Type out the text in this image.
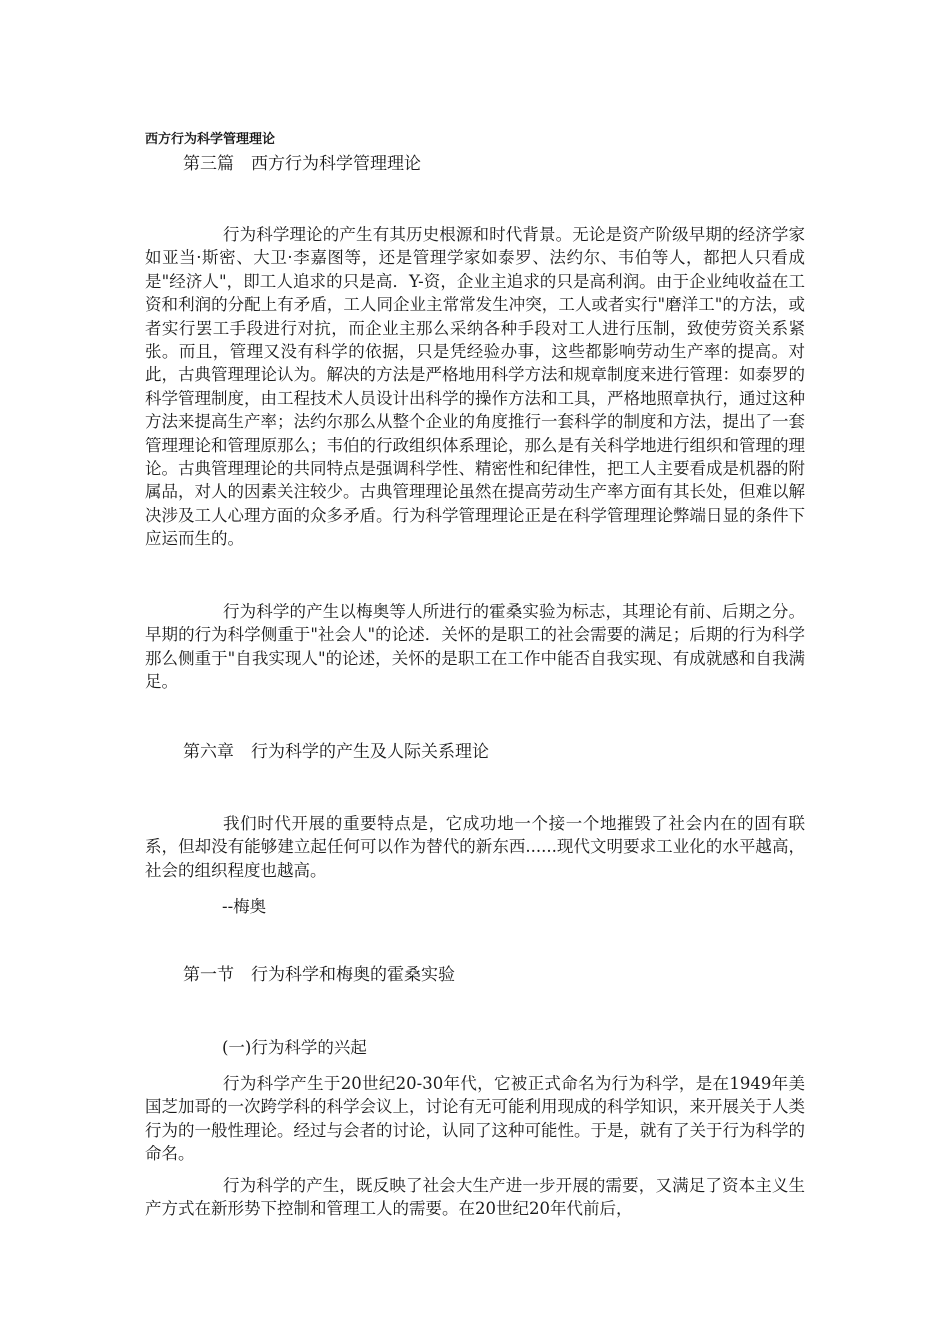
西方行为科学管理理论
第三篇　西方行为科学管理理论

行为科学理论的产生有其历史根源和时代背景。无论是资产阶级早期的经济学家如亚当·斯密、大卫·李嘉图等，还是管理学家如泰罗、法约尔、韦伯等人，都把人只看成是"经济人"，即工人追求的只是高．Y-资，企业主追求的只是高利润。由于企业纯收益在工资和利润的分配上有矛盾，工人同企业主常常发生冲突，工人或者实行"磨洋工"的方法，或者实行罢工手段进行对抗，而企业主那么采纳各种手段对工人进行压制，致使劳资关系紧张。而且，管理又没有科学的依据，只是凭经验办事，这些都影响劳动生产率的提高。对此，古典管理理论认为。解决的方法是严格地用科学方法和规章制度来进行管理：如泰罗的科学管理制度，由工程技术人员设计出科学的操作方法和工具，严格地照章执行，通过这种方法来提高生产率；法约尔那么从整个企业的角度推行一套科学的制度和方法，提出了一套管理理论和管理原那么；韦伯的行政组织体系理论，那么是有关科学地进行组织和管理的理论。古典管理理论的共同特点是强调科学性、精密性和纪律性，把工人主要看成是机器的附属品，对人的因素关注较少。古典管理理论虽然在提高劳动生产率方面有其长处，但难以解决涉及工人心理方面的众多矛盾。行为科学管理理论正是在科学管理理论弊端日显的条件下应运而生的。

行为科学的产生以梅奥等人所进行的霍桑实验为标志，其理论有前、后期之分。早期的行为科学侧重于"社会人"的论述．关怀的是职工的社会需要的满足；后期的行为科学那么侧重于"自我实现人"的论述，关怀的是职工在工作中能否自我实现、有成就感和自我满足。

第六章　行为科学的产生及人际关系理论

我们时代开展的重要特点是，它成功地一个接一个地摧毁了社会内在的固有联系，但却没有能够建立起任何可以作为替代的新东西......现代文明要求工业化的水平越高，社会的组织程度也越高。

--梅奥
第一节　行为科学和梅奥的霍桑实验
(一)行为科学的兴起

行为科学产生于20世纪20-30年代，它被正式命名为行为科学，是在1949年美国芝加哥的一次跨学科的科学会议上，讨论有无可能利用现成的科学知识，来开展关于人类行为的一般性理论。经过与会者的讨论，认同了这种可能性。于是，就有了关于行为科学的命名。

行为科学的产生，既反映了社会大生产进一步开展的需要，又满足了资本主义生产方式在新形势下控制和管理工人的需要。在20世纪20年代前后，
